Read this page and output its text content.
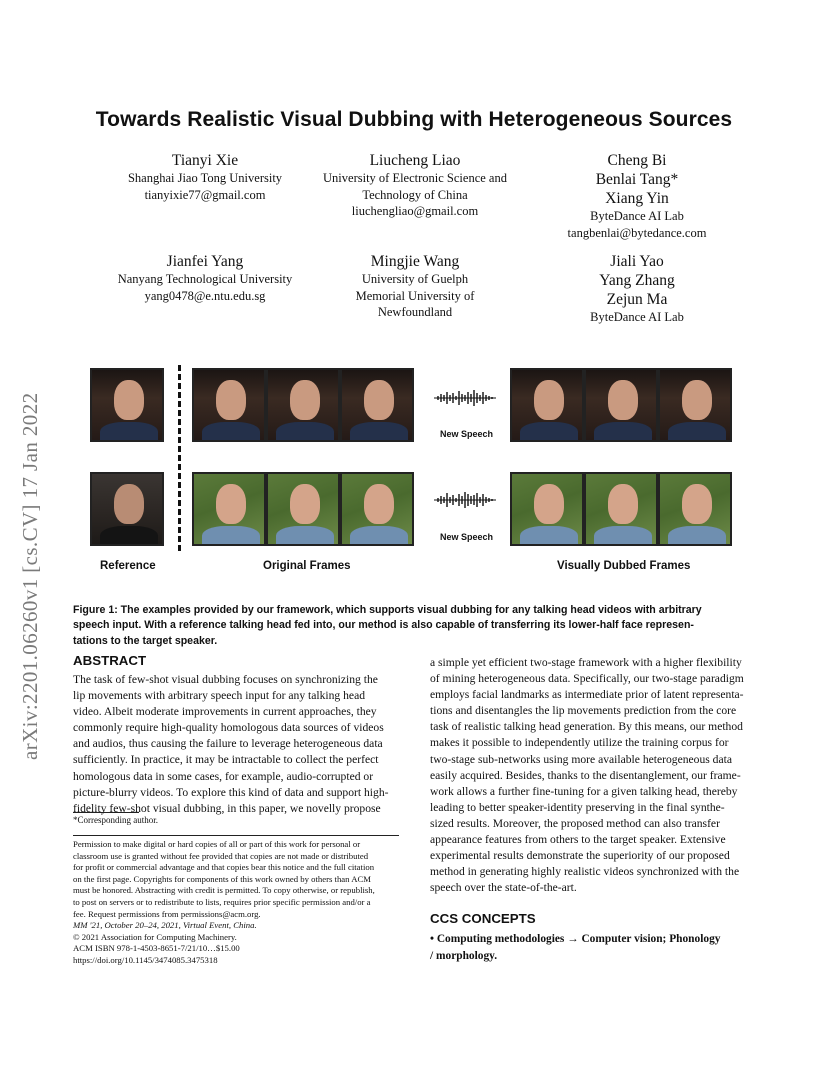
arXiv:2201.06260v1 [cs.CV] 17 Jan 2022
Towards Realistic Visual Dubbing with Heterogeneous Sources
Tianyi Xie
Shanghai Jiao Tong University
tianyixie77@gmail.com
Liucheng Liao
University of Electronic Science and
Technology of China
liuchengliao@gmail.com
Cheng Bi
Benlai Tang*
Xiang Yin
ByteDance AI Lab
tangbenlai@bytedance.com
Jianfei Yang
Nanyang Technological University
yang0478@e.ntu.edu.sg
Mingjie Wang
University of Guelph
Memorial University of
Newfoundland
Jiali Yao
Yang Zhang
Zejun Ma
ByteDance AI Lab
New Speech
New Speech
Reference	Original Frames	Visually Dubbed Frames
Figure 1: The examples provided by our framework, which supports visual dubbing for any talking head videos with arbitrary
speech input. With a reference talking head fed into, our method is also capable of transferring its lower-half face represen-
tations to the target speaker.
ABSTRACT
The task of few-shot visual dubbing focuses on synchronizing the
lip movements with arbitrary speech input for any talking head
video. Albeit moderate improvements in current approaches, they
commonly require high-quality homologous data sources of videos
and audios, thus causing the failure to leverage heterogeneous data
sufficiently. In practice, it may be intractable to collect the perfect
homologous data in some cases, for example, audio-corrupted or
picture-blurry videos. To explore this kind of data and support high-
fidelity few-shot visual dubbing, in this paper, we novelly propose
a simple yet efficient two-stage framework with a higher flexibility
of mining heterogeneous data. Specifically, our two-stage paradigm
employs facial landmarks as intermediate prior of latent representa-
tions and disentangles the lip movements prediction from the core
task of realistic talking head generation. By this means, our method
makes it possible to independently utilize the training corpus for
two-stage sub-networks using more available heterogeneous data
easily acquired. Besides, thanks to the disentanglement, our frame-
work allows a further fine-tuning for a given talking head, thereby
leading to better speaker-identity preserving in the final synthe-
sized results. Moreover, the proposed method can also transfer
appearance features from others to the target speaker. Extensive
experimental results demonstrate the superiority of our proposed
method in generating highly realistic videos synchronized with the
speech over the state-of-the-art.
*Corresponding author.
Permission to make digital or hard copies of all or part of this work for personal or
classroom use is granted without fee provided that copies are not made or distributed
for profit or commercial advantage and that copies bear this notice and the full citation
on the first page. Copyrights for components of this work owned by others than ACM
must be honored. Abstracting with credit is permitted. To copy otherwise, or republish,
to post on servers or to redistribute to lists, requires prior specific permission and/or a
fee. Request permissions from permissions@acm.org.
MM '21, October 20–24, 2021, Virtual Event, China.
© 2021 Association for Computing Machinery.
ACM ISBN 978-1-4503-8651-7/21/10…$15.00
https://doi.org/10.1145/3474085.3475318
CCS CONCEPTS
• Computing methodologies → Computer vision; Phonology
/ morphology.
